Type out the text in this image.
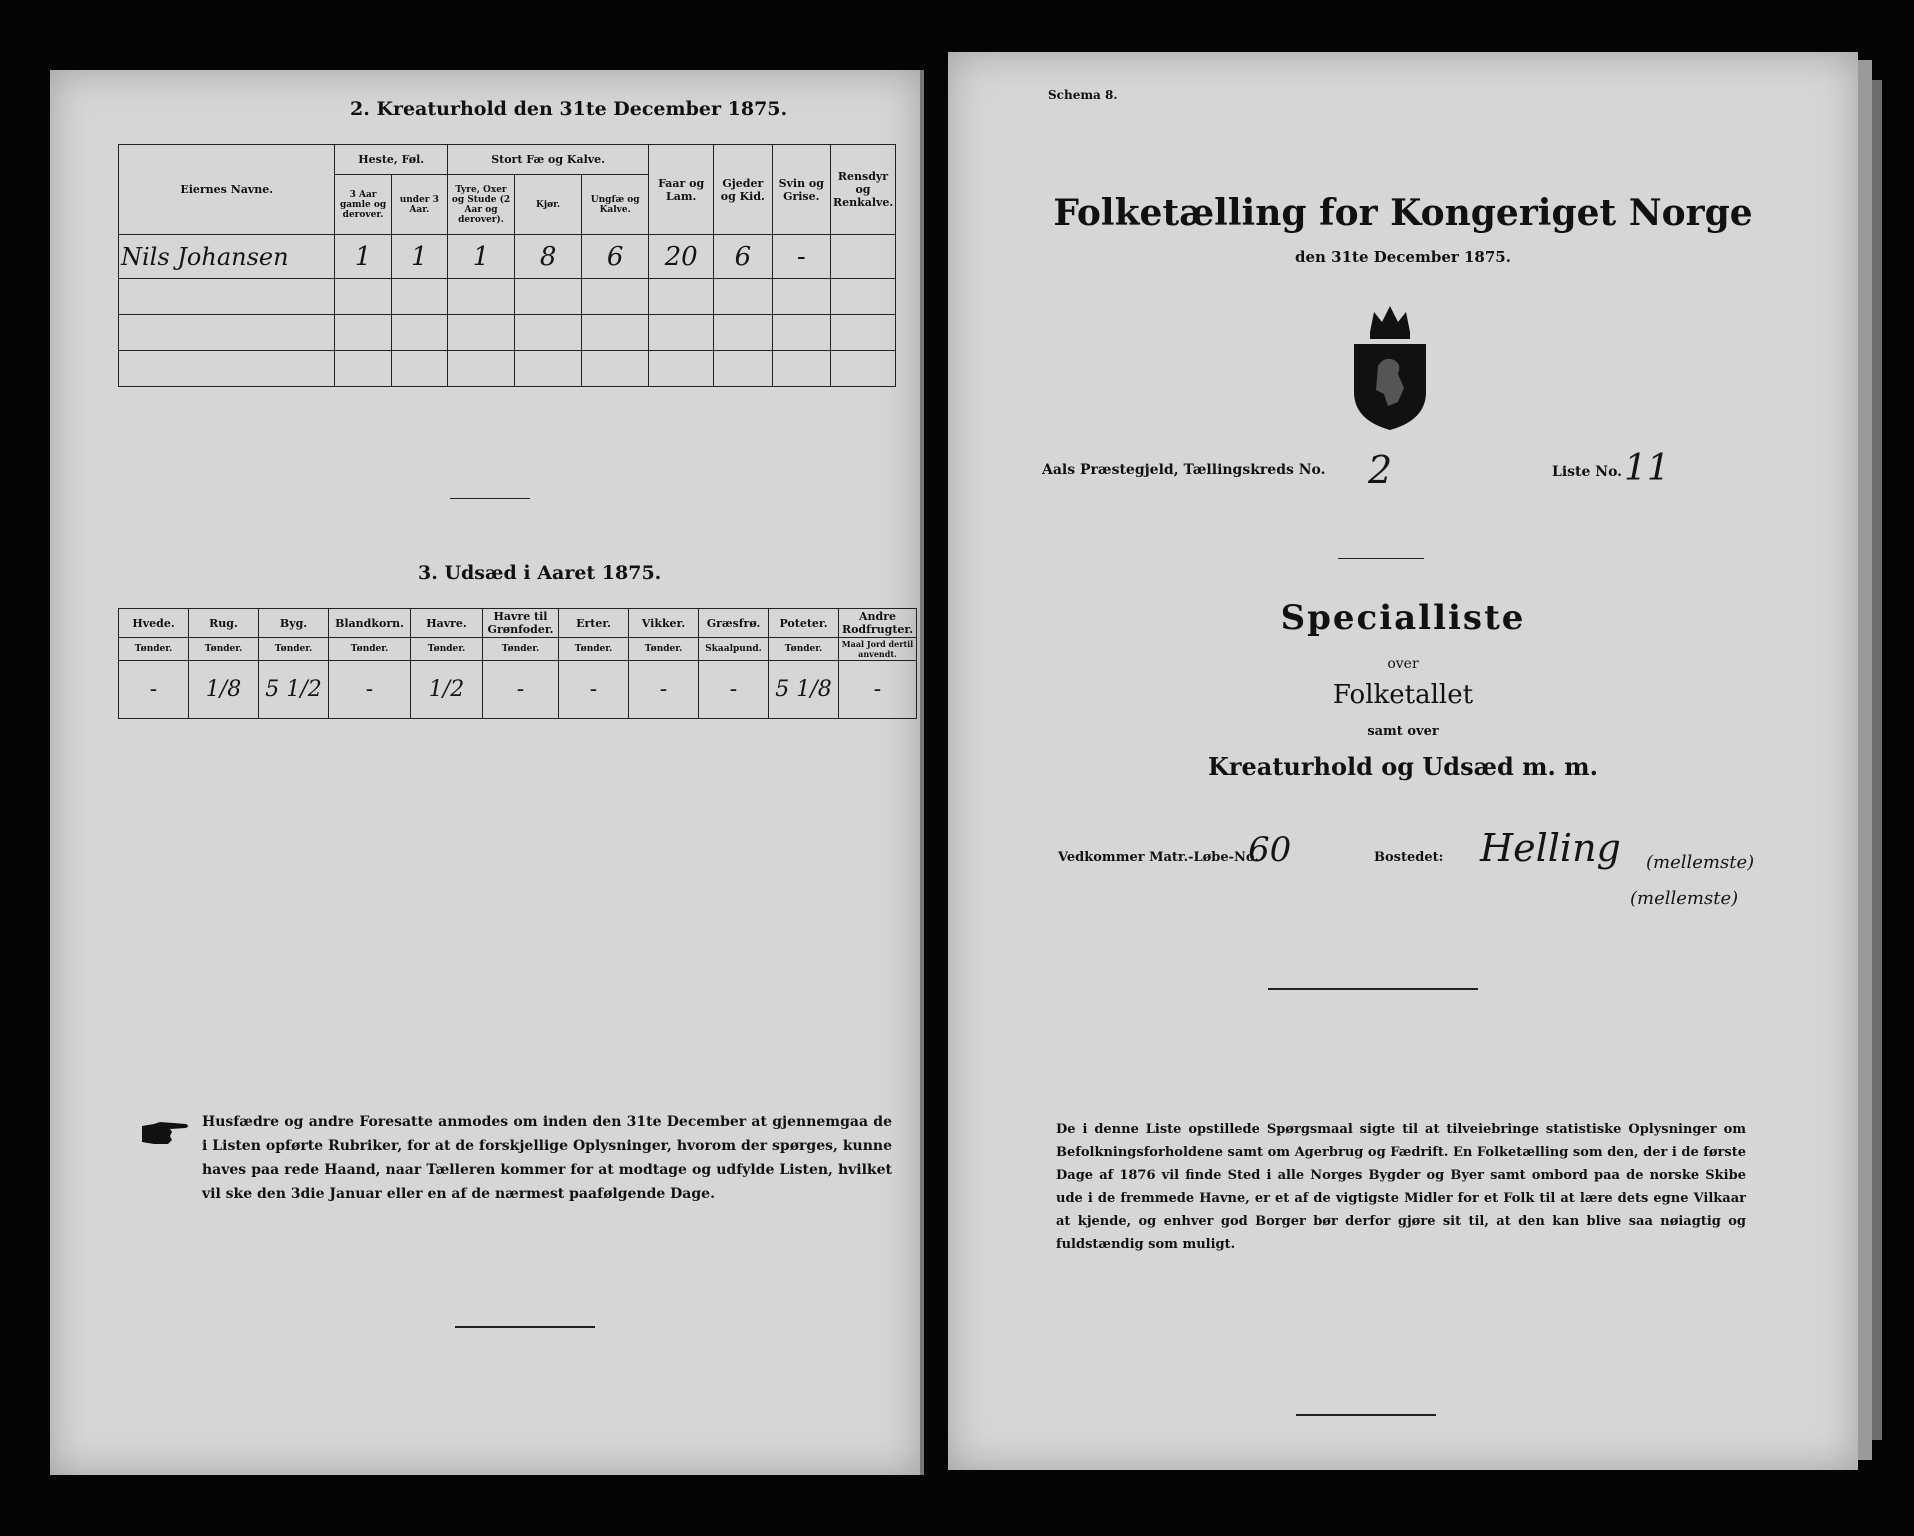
2. Kreaturhold den 31te December 1875.
Eiernes Navne.	Heste, Føl.		Stort Fæ og Kalve.			Faar og Lam.	Gjeder og Kid.	Svin og Grise.	Rensdyr og Renkalve.
	3 Aar gamle og derover.	under 3 Aar.	Tyre, Oxer og Stude (2 Aar og derover).	Kjør.	Ungfæ og Kalve.				
Nils Johansen	1	1	1	8	6	20	6	-	

3. Udsæd i Aaret 1875.
Hvede.	Rug.	Byg.	Blandkorn.	Havre.	Havre til Grønfoder.	Erter.	Vikker.	Græsfrø.	Poteter.	Andre Rodfrugter.
Tønder.	Tønder.	Tønder.	Tønder.	Tønder.	Tønder.	Tønder.	Tønder.	Skaalpund.	Tønder.	Maal Jord dertil anvendt.
-	1/8	5 1/2	-	1/2	-	-	-	-	5 1/8	-
Husfædre og andre Foresatte anmodes om inden den 31te December at gjennemgaa de i Listen opførte Rubriker, for at de forskjellige Oplysninger, hvorom der spørges, kunne haves paa rede Haand, naar Tælleren kommer for at modtage og udfylde Listen, hvilket vil ske den 3die Januar eller en af de nærmest paafølgende Dage.
Schema 8.
Folketælling for Kongeriget Norge
den 31te December 1875.
Aals Præstegjeld, Tællingskreds No. 2	Liste No. 11
Specialliste
over
Folketallet
samt over
Kreaturhold og Udsæd m. m.
Vedkommer Matr.-Løbe-No.
60	Bostedet: Helling (mellemste)
(mellemste)
De i denne Liste opstillede Spørgsmaal sigte til at tilveiebringe statistiske Oplysninger om Befolkningsforholdene samt om Agerbrug og Fædrift. En Folketælling som den, der i de første Dage af 1876 vil finde Sted i alle Norges Bygder og Byer samt ombord paa de norske Skibe ude i de fremmede Havne, er et af de vigtigste Midler for et Folk til at lære dets egne Vilkaar at kjende, og enhver god Borger bør derfor gjøre sit til, at den kan blive saa nøiagtig og fuldstændig som muligt.
